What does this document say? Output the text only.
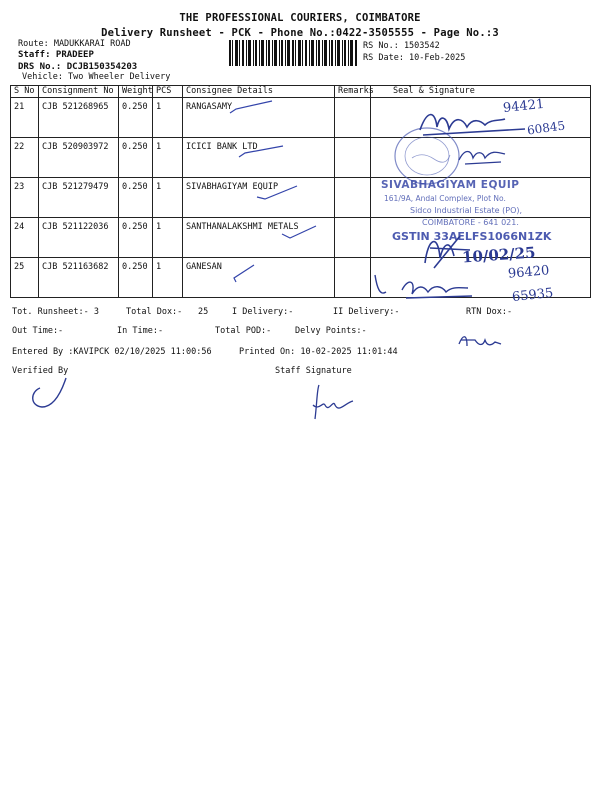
THE PROFESSIONAL COURIERS, COIMBATORE
Delivery Runsheet - PCK - Phone No.:0422-3505555 - Page No.:3
Route: MADUKKARAI ROAD
Staff: PRADEEP
DRS No.: DCJB150354203
Vehicle: Two Wheeler Delivery
RS No.: 1503542
RS Date: 10-Feb-2025
S No	Consignment No	Weight	PCS	Consignee Details	Remarks	Seal & Signature
21	CJB 521268965	0.250	1	RANGASAMY		
22	CJB 520903972	0.250	1	ICICI BANK LTD		
23	CJB 521279479	0.250	1	SIVABHAGIYAM EQUIP		
24	CJB 521122036	0.250	1	SANTHANALAKSHMI METALS		
25	CJB 521163682	0.250	1	GANESAN		
94421
60845
SIVABHAGIYAM EQUIP
161/9A, Andal Complex, Plot No.
Sidco Industrial Estate (PO),
COIMBATORE - 641 021.
GSTIN 33AELFS1066N1ZK
10/02/25
96420
65935
Tot. Runsheet:- 3	Total Dox:- 25	I Delivery:-	II Delivery:-	RTN Dox:-
Out Time:-	In Time:-	Total POD:-	Delvy Points:-
Entered By :KAVIPCK 02/10/2025 11:00:56	Printed On: 10-02-2025 11:01:44
Verified By	Staff Signature
